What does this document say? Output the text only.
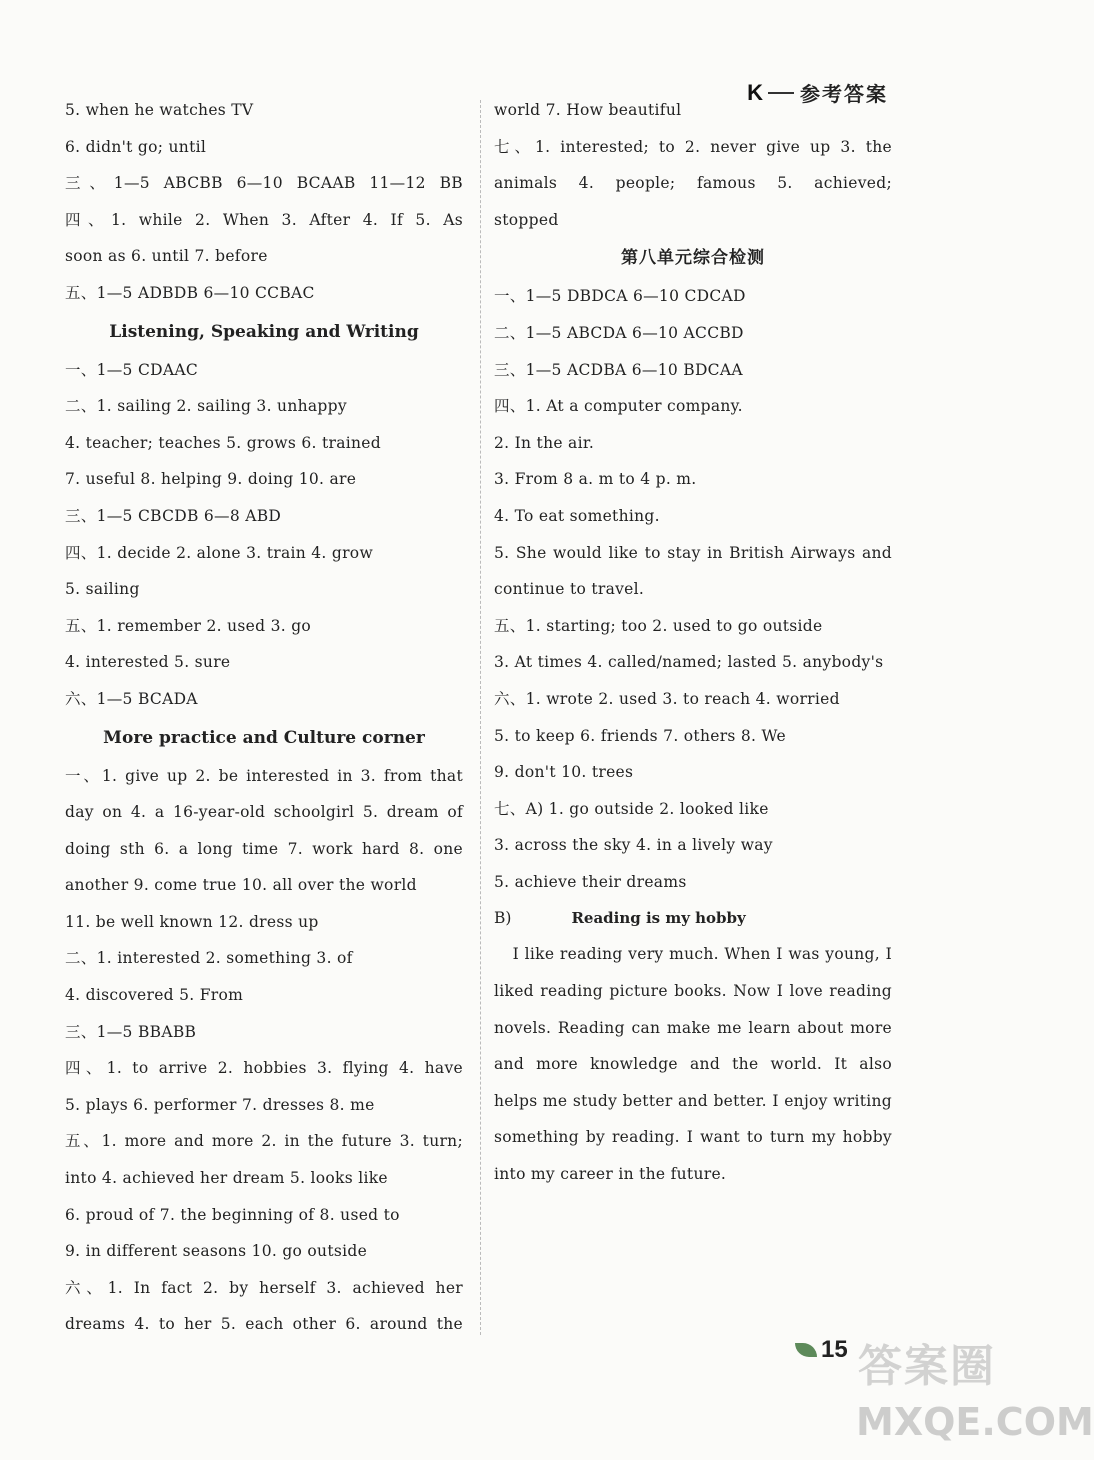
K 参考答案
5. when he watches TV
6. didn't go; until
三、1—5 ABCBB 6—10 BCAAB 11—12 BB
四、1. while 2. When 3. After 4. If 5. As
soon as 6. until 7. before
五、1—5 ADBDB 6—10 CCBAC
Listening, Speaking and Writing
一、1—5 CDAAC
二、1. sailing 2. sailing 3. unhappy
4. teacher; teaches 5. grows 6. trained
7. useful 8. helping 9. doing 10. are
三、1—5 CBCDB 6—8 ABD
四、1. decide 2. alone 3. train 4. grow
5. sailing
五、1. remember 2. used 3. go
4. interested 5. sure
六、1—5 BCADA
More practice and Culture corner
一、1. give up 2. be interested in 3. from that
day on 4. a 16-year-old schoolgirl 5. dream of
doing sth 6. a long time 7. work hard 8. one
another 9. come true 10. all over the world
11. be well known 12. dress up
二、1. interested 2. something 3. of
4. discovered 5. From
三、1—5 BBABB
四、1. to arrive 2. hobbies 3. flying 4. have
5. plays 6. performer 7. dresses 8. me
五、1. more and more 2. in the future 3. turn;
into 4. achieved her dream 5. looks like
6. proud of 7. the beginning of 8. used to
9. in different seasons 10. go outside
六、1. In fact 2. by herself 3. achieved her
dreams 4. to her 5. each other 6. around the
world 7. How beautiful
七、1. interested; to 2. never give up 3. the
animals 4. people; famous 5. achieved;
stopped
第八单元综合检测
一、1—5 DBDCA 6—10 CDCAD
二、1—5 ABCDA 6—10 ACCBD
三、1—5 ACDBA 6—10 BDCAA
四、1. At a computer company.
2. In the air.
3. From 8 a. m to 4 p. m.
4. To eat something.
5. She would like to stay in British Airways and
continue to travel.
五、1. starting; too 2. used to go outside
3. At times 4. called/named; lasted 5. anybody's
六、1. wrote 2. used 3. to reach 4. worried
5. to keep 6. friends 7. others 8. We
9. don't 10. trees
七、A) 1. go outside 2. looked like
3. across the sky 4. in a lively way
5. achieve their dreams
B)	Reading is my hobby
I like reading very much. When I was young, I liked reading picture books. Now I love reading novels. Reading can make me learn about more and more knowledge and the world. It also helps me study better and better. I enjoy writing something by reading. I want to turn my hobby into my career in the future.
15 答案圈
MXQE.COM
